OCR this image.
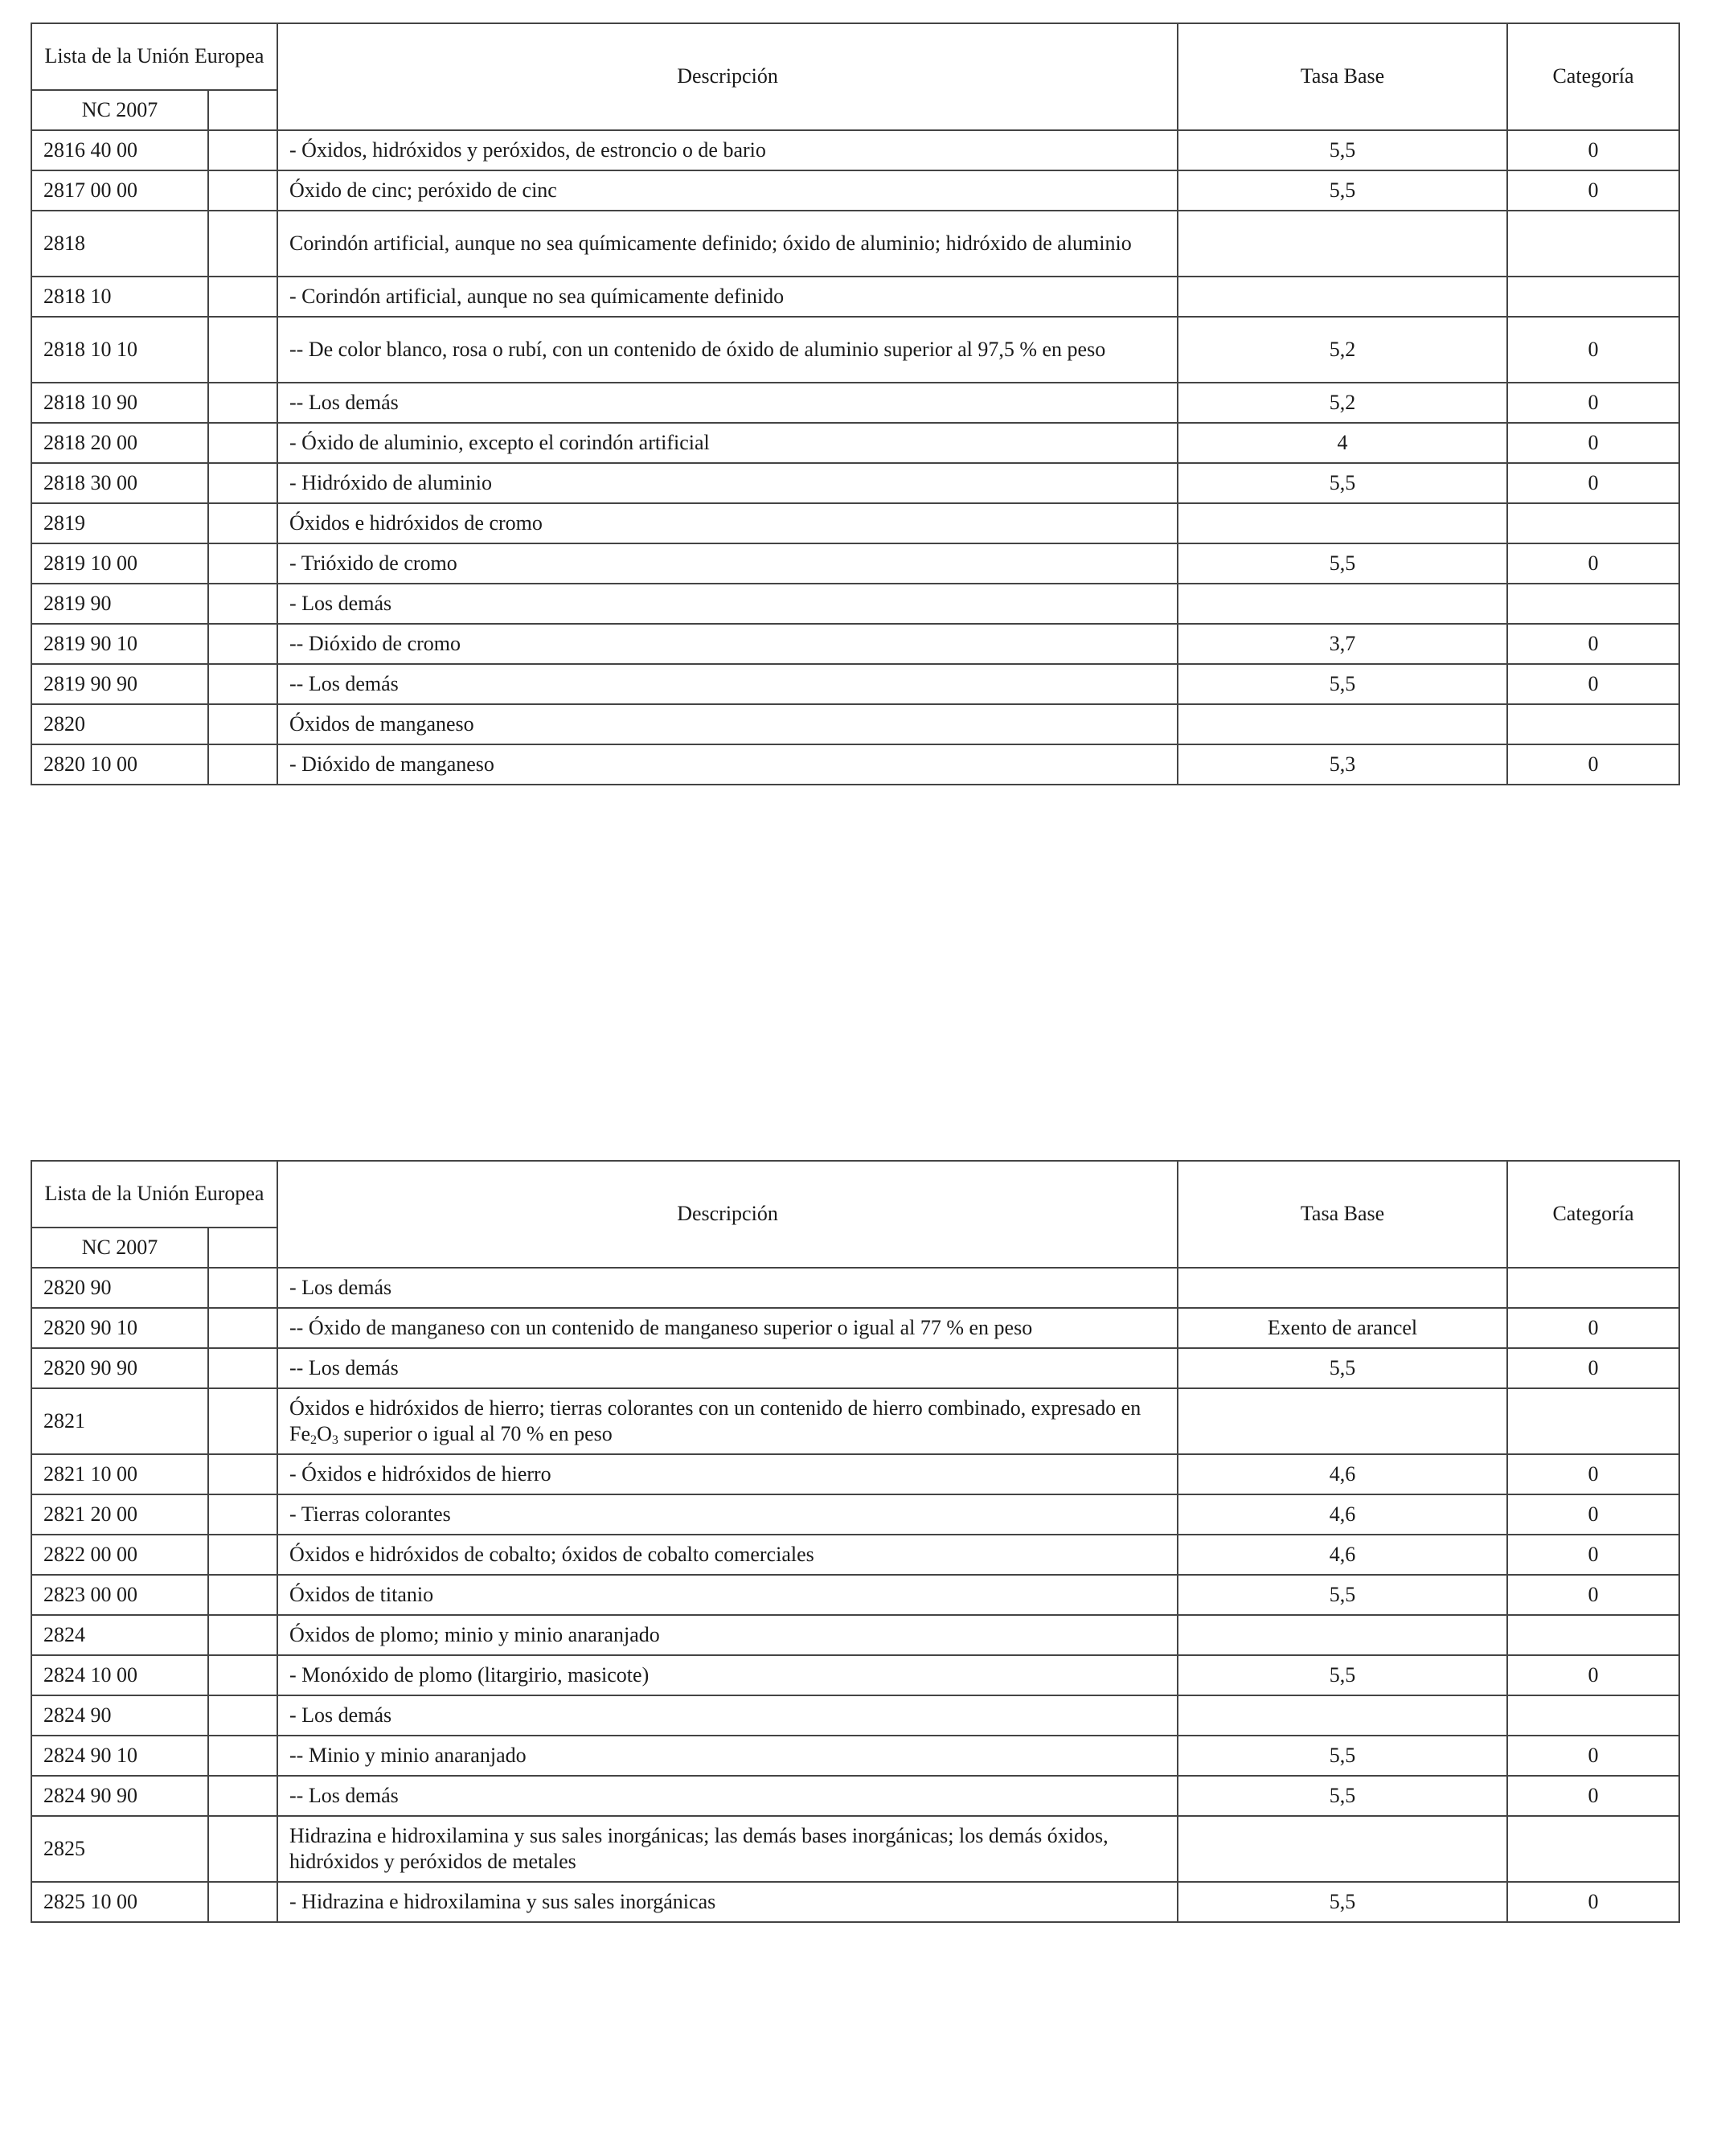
Lista de la Unión Europea		Descripción	Tasa Base	Categoría
NC 2007				
2816 40 00		- Óxidos, hidróxidos y peróxidos, de estroncio o de bario	5,5	0
2817 00 00		Óxido de cinc; peróxido de cinc	5,5	0
2818		Corindón artificial, aunque no sea químicamente definido; óxido de aluminio; hidróxido de aluminio		
2818 10		- Corindón artificial, aunque no sea químicamente definido		
2818 10 10		-- De color blanco, rosa o rubí, con un contenido de óxido de aluminio superior al 97,5 % en peso	5,2	0
2818 10 90		-- Los demás	5,2	0
2818 20 00		- Óxido de aluminio, excepto el corindón artificial	4	0
2818 30 00		- Hidróxido de aluminio	5,5	0
2819		Óxidos e hidróxidos de cromo		
2819 10 00		- Trióxido de cromo	5,5	0
2819 90		- Los demás		
2819 90 10		-- Dióxido de cromo	3,7	0
2819 90 90		-- Los demás	5,5	0
2820		Óxidos de manganeso		
2820 10 00		- Dióxido de manganeso	5,3	0
Lista de la Unión Europea		Descripción	Tasa Base	Categoría
NC 2007				
2820 90		- Los demás		
2820 90 10		-- Óxido de manganeso con un contenido de manganeso superior o igual al 77 % en peso	Exento de arancel	0
2820 90 90		-- Los demás	5,5	0
2821		Óxidos e hidróxidos de hierro; tierras colorantes con un contenido de hierro combinado, expresado en $Fe_2O_3$ superior o igual al 70 % en peso		
2821 10 00		- Óxidos e hidróxidos de hierro	4,6	0
2821 20 00		- Tierras colorantes	4,6	0
2822 00 00		Óxidos e hidróxidos de cobalto; óxidos de cobalto comerciales	4,6	0
2823 00 00		Óxidos de titanio	5,5	0
2824		Óxidos de plomo; minio y minio anaranjado		
2824 10 00		- Monóxido de plomo (litargirio, masicote)	5,5	0
2824 90		- Los demás		
2824 90 10		-- Minio y minio anaranjado	5,5	0
2824 90 90		-- Los demás	5,5	0
2825		Hidrazina e hidroxilamina y sus sales inorgánicas; las demás bases inorgánicas; los demás óxidos, hidróxidos y peróxidos de metales		
2825 10 00		- Hidrazina e hidroxilamina y sus sales inorgánicas	5,5	0
